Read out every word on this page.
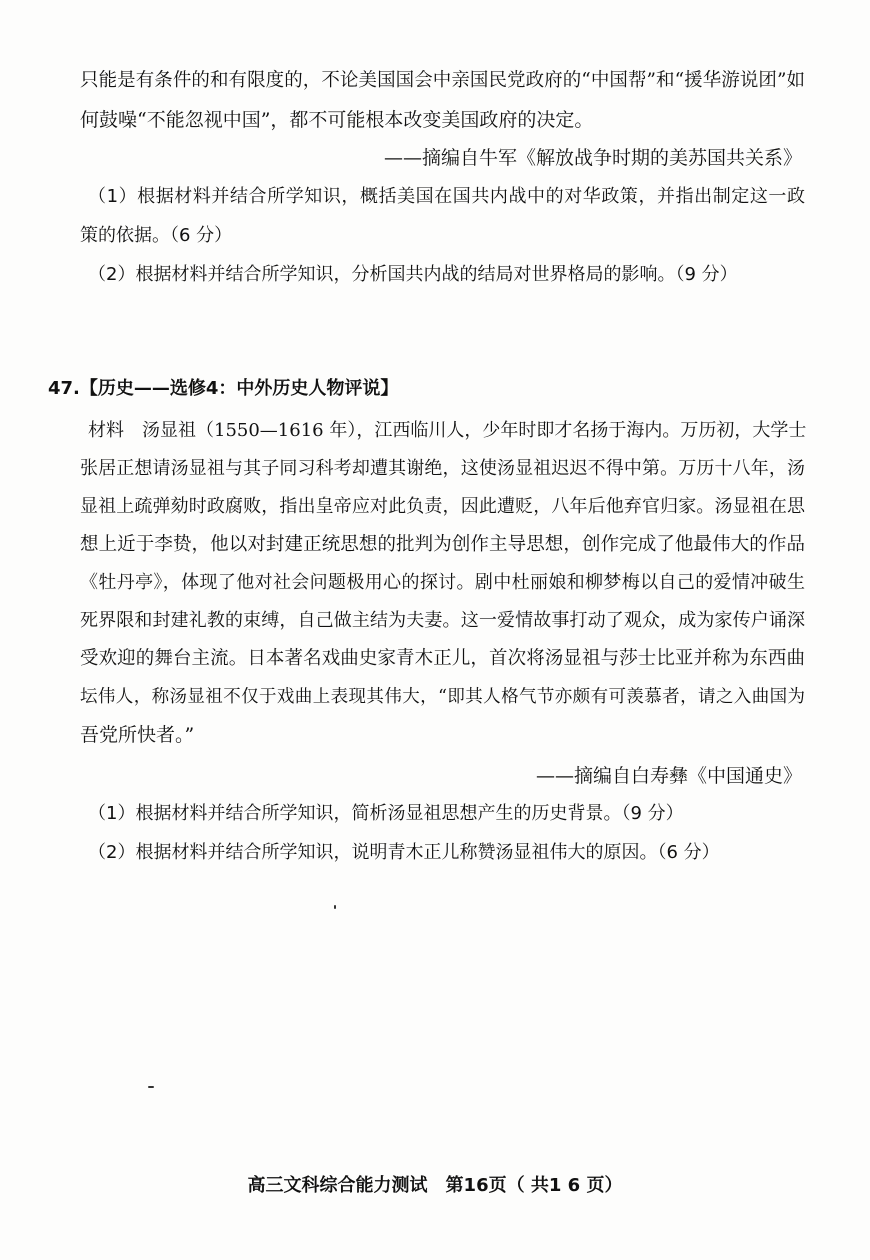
只能是有条件的和有限度的，不论美国国会中亲国民党政府的“中国帮”和“援华游说团”如
何鼓噪“不能忽视中国”，都不可能根本改变美国政府的决定。
——摘编自牛军《解放战争时期的美苏国共关系》
（1）根据材料并结合所学知识，概括美国在国共内战中的对华政策，并指出制定这一政
策的依据。（6 分）
（2）根据材料并结合所学知识，分析国共内战的结局对世界格局的影响。（9 分）
47.【历史——选修4：中外历史人物评说】
材料　汤显祖（1550—1616 年），江西临川人，少年时即才名扬于海内。万历初，大学士
张居正想请汤显祖与其子同习科考却遭其谢绝，这使汤显祖迟迟不得中第。万历十八年，汤
显祖上疏弹劾时政腐败，指出皇帝应对此负责，因此遭贬，八年后他弃官归家。汤显祖在思
想上近于李贽，他以对封建正统思想的批判为创作主导思想，创作完成了他最伟大的作品
《牡丹亭》，体现了他对社会问题极用心的探讨。剧中杜丽娘和柳梦梅以自己的爱情冲破生
死界限和封建礼教的束缚，自己做主结为夫妻。这一爱情故事打动了观众，成为家传户诵深
受欢迎的舞台主流。日本著名戏曲史家青木正儿，首次将汤显祖与莎士比亚并称为东西曲
坛伟人，称汤显祖不仅于戏曲上表现其伟大，“即其人格气节亦颇有可羡慕者，请之入曲国为
吾党所快者。”
——摘编自白寿彝《中国通史》
（1）根据材料并结合所学知识，简析汤显祖思想产生的历史背景。（9 分）
（2）根据材料并结合所学知识，说明青木正儿称赞汤显祖伟大的原因。（6 分）
高三文科综合能力测试　第16页（ 共1 6 页）
